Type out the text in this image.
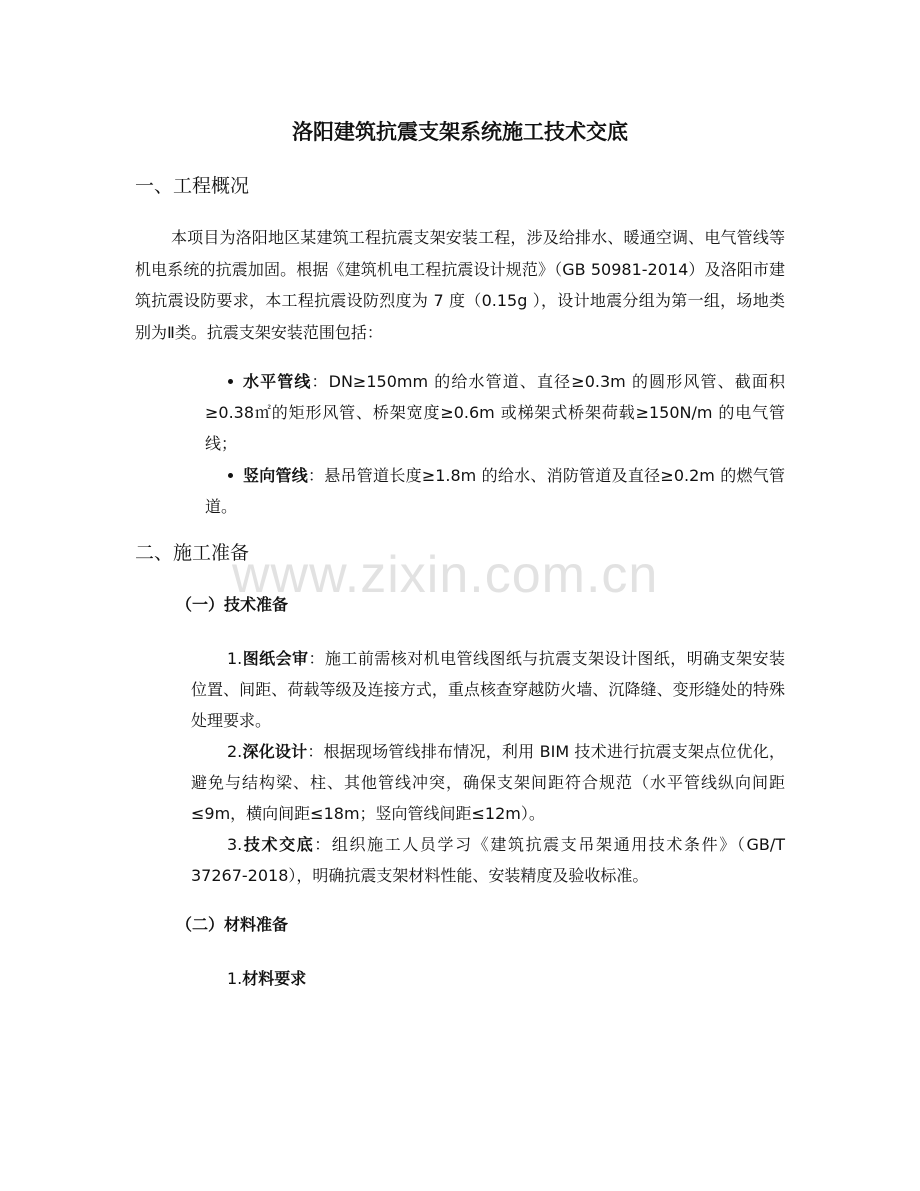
洛阳建筑抗震支架系统施工技术交底
一、工程概况
本项目为洛阳地区某建筑工程抗震支架安装工程，涉及给排水、暖通空调、电气管线等机电系统的抗震加固。根据《建筑机电工程抗震设计规范》（GB 50981-2014）及洛阳市建筑抗震设防要求，本工程抗震设防烈度为 7 度（0.15g ），设计地震分组为第一组，场地类别为Ⅱ类。抗震支架安装范围包括：
水平管线：DN≥150mm 的给水管道、直径≥0.3m 的圆形风管、截面积≥0.38㎡的矩形风管、桥架宽度≥0.6m 或梯架式桥架荷载≥150N/m 的电气管线；
竖向管线：悬吊管道长度≥1.8m 的给水、消防管道及直径≥0.2m 的燃气管道。
二、施工准备
（一）技术准备
1.图纸会审：施工前需核对机电管线图纸与抗震支架设计图纸，明确支架安装位置、间距、荷载等级及连接方式，重点核查穿越防火墙、沉降缝、变形缝处的特殊处理要求。
2.深化设计：根据现场管线排布情况，利用 BIM 技术进行抗震支架点位优化，避免与结构梁、柱、其他管线冲突，确保支架间距符合规范（水平管线纵向间距≤9m，横向间距≤18m；竖向管线间距≤12m）。
3.技术交底：组织施工人员学习《建筑抗震支吊架通用技术条件》（GB/T 37267-2018），明确抗震支架材料性能、安装精度及验收标准。
（二）材料准备
1.材料要求
www.zixin.com.cn
